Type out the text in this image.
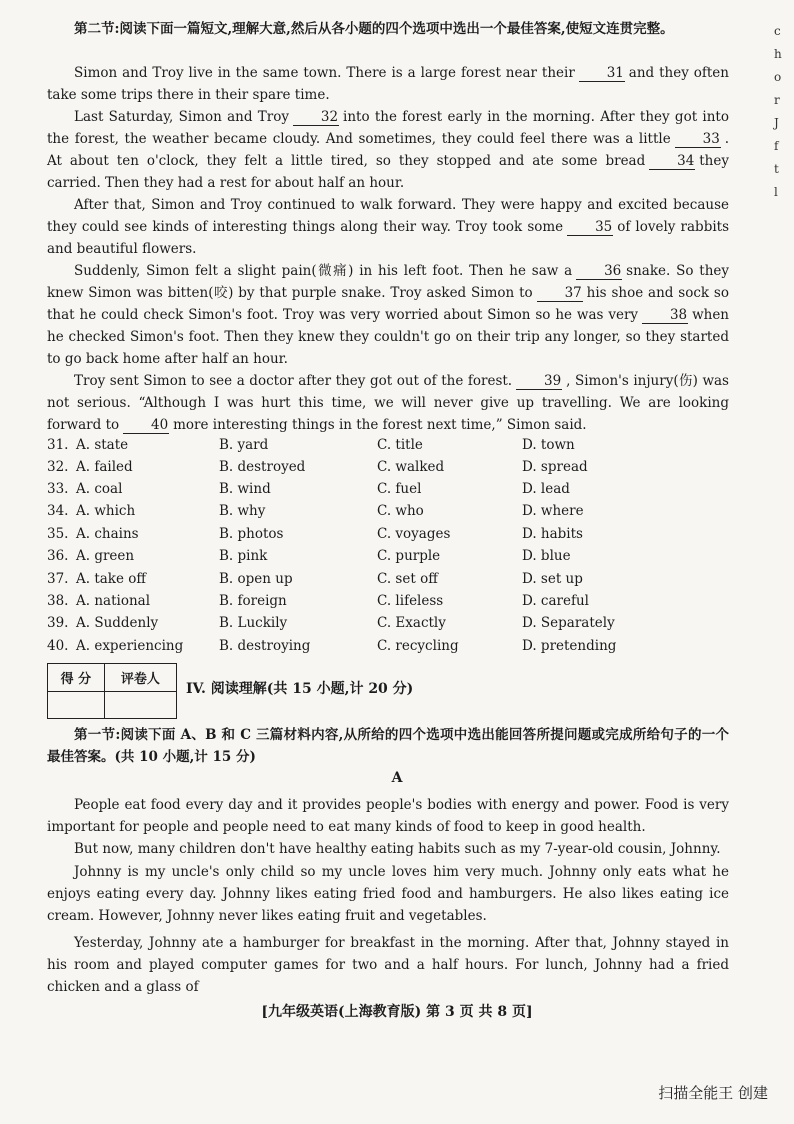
第二节:阅读下面一篇短文,理解大意,然后从各小题的四个选项中选出一个最佳答案,使短文连贯完整。

Simon and Troy live in the same town. There is a large forest near their 31 and they often take some trips there in their spare time.

Last Saturday, Simon and Troy 32 into the forest early in the morning. After they got into the forest, the weather became cloudy. And sometimes, they could feel there was a little 33 . At about ten o'clock, they felt a little tired, so they stopped and ate some bread 34 they carried. Then they had a rest for about half an hour.

After that, Simon and Troy continued to walk forward. They were happy and excited because they could see kinds of interesting things along their way. Troy took some 35 of lovely rabbits and beautiful flowers.

Suddenly, Simon felt a slight pain(微痛) in his left foot. Then he saw a 36 snake. So they knew Simon was bitten(咬) by that purple snake. Troy asked Simon to 37 his shoe and sock so that he could check Simon's foot. Troy was very worried about Simon so he was very 38 when he checked Simon's foot. Then they knew they couldn't go on their trip any longer, so they started to go back home after half an hour.

Troy sent Simon to see a doctor after they got out of the forest. 39 , Simon's injury(伤) was not serious. “Although I was hurt this time, we will never give up travelling. We are looking forward to 40 more interesting things in the forest next time,” Simon said.

31. A. state	B. yard	C. title	D. town
32. A. failed	B. destroyed	C. walked	D. spread
33. A. coal	B. wind	C. fuel	D. lead
34. A. which	B. why	C. who	D. where
35. A. chains	B. photos	C. voyages	D. habits
36. A. green	B. pink	C. purple	D. blue
37. A. take off	B. open up	C. set off	D. set up
38. A. national	B. foreign	C. lifeless	D. careful
39. A. Suddenly	B. Luckily	C. Exactly	D. Separately
40. A. experiencing	B. destroying	C. recycling	D. pretending
得 分	评卷人

IV. 阅读理解(共 15 小题,计 20 分)

第一节:阅读下面 A、B 和 C 三篇材料内容,从所给的四个选项中选出能回答所提问题或完成所给句子的一个最佳答案。(共 10 小题,计 15 分)

A

People eat food every day and it provides people's bodies with energy and power. Food is very important for people and people need to eat many kinds of food to keep in good health.

But now, many children don't have healthy eating habits such as my 7-year-old cousin, Johnny.

Johnny is my uncle's only child so my uncle loves him very much. Johnny only eats what he enjoys eating every day. Johnny likes eating fried food and hamburgers. He also likes eating ice cream. However, Johnny never likes eating fruit and vegetables.

Yesterday, Johnny ate a hamburger for breakfast in the morning. After that, Johnny stayed in his room and played computer games for two and a half hours. For lunch, Johnny had a fried chicken and a glass of

[九年级英语(上海教育版) 第 3 页 共 8 页]
扫描全能王 创建
c
h
o
r
J
f
t
l
